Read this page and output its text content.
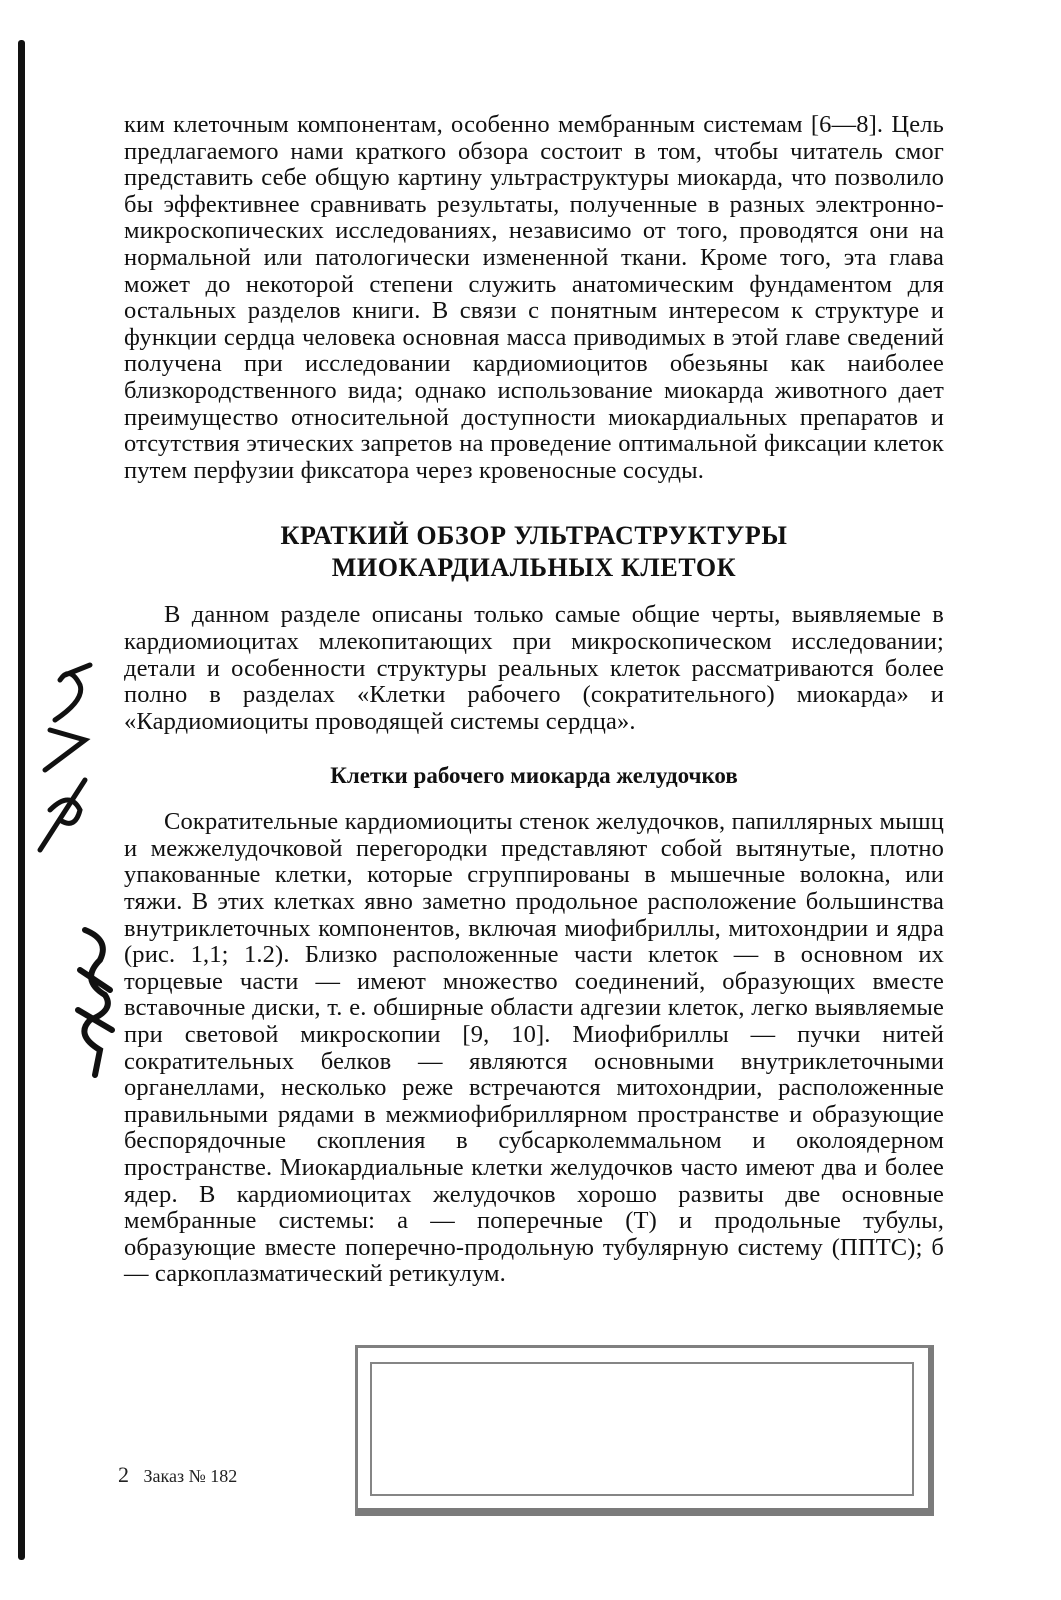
ким клеточным компонентам, особенно мембранным системам [6—8]. Цель предлагаемого нами краткого обзора состоит в том, чтобы читатель смог представить себе общую картину ультраструктуры миокарда, что позволило бы эффективнее сравнивать результаты, полученные в разных электронно-микроскопических исследованиях, независимо от того, проводятся они на нормальной или патологически измененной ткани. Кроме того, эта глава может до некоторой степени служить анатомическим фундаментом для остальных разделов книги. В связи с понятным интересом к структуре и функции сердца человека основная масса приводимых в этой главе сведений получена при исследовании кардиомиоцитов обезьяны как наиболее близкородственного вида; однако использование миокарда животного дает преимущество относительной доступности миокардиальных препаратов и отсутствия этических запретов на проведение оптимальной фиксации клеток путем перфузии фиксатора через кровеносные сосуды.

КРАТКИЙ ОБЗОР УЛЬТРАСТРУКТУРЫ
МИОКАРДИАЛЬНЫХ КЛЕТОК

В данном разделе описаны только самые общие черты, выявляемые в кардиомиоцитах млекопитающих при микроскопическом исследовании; детали и особенности структуры реальных клеток рассматриваются более полно в разделах «Клетки рабочего (сократительного) миокарда» и «Кардиомиоциты проводящей системы сердца».

Клетки рабочего миокарда желудочков

Сократительные кардиомиоциты стенок желудочков, папиллярных мышц и межжелудочковой перегородки представляют собой вытянутые, плотно упакованные клетки, которые сгруппированы в мышечные волокна, или тяжи. В этих клетках явно заметно продольное расположение большинства внутриклеточных компонентов, включая миофибриллы, митохондрии и ядра (рис. 1,1; 1.2). Близко расположенные части клеток — в основном их торцевые части — имеют множество соединений, образующих вместе вставочные диски, т. е. обширные области адгезии клеток, легко выявляемые при световой микроскопии [9, 10]. Миофибриллы — пучки нитей сократительных белков — являются основными внутриклеточными органеллами, несколько реже встречаются митохондрии, расположенные правильными рядами в межмиофибриллярном пространстве и образующие беспорядочные скопления в субсарколеммальном и околоядерном пространстве. Миокардиальные клетки желудочков часто имеют два и более ядер. В кардиомиоцитах желудочков хорошо развиты две основные мембранные системы: а — поперечные (Т) и продольные тубулы, образующие вместе поперечно-продольную тубулярную систему (ППТС); б — саркоплазматический ретикулум.

2 Заказ № 182
